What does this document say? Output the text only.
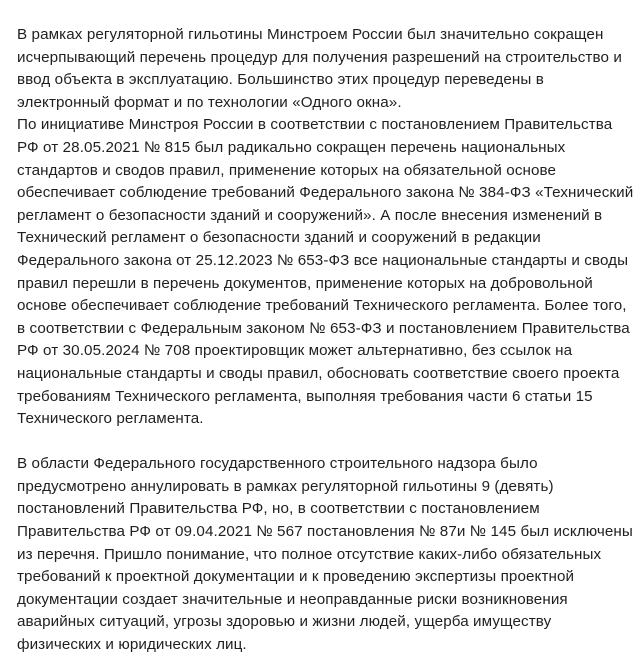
В рамках регуляторной гильотины Минстроем России был значительно сокращен исчерпывающий перечень процедур для получения разрешений на строительство и ввод объекта в эксплуатацию. Большинство этих процедур переведены в электронный формат и по технологии «Одного окна».

По инициативе Минстроя России в соответствии с постановлением Правительства РФ от 28.05.2021 № 815 был радикально сокращен перечень национальных стандартов и сводов правил, применение которых на обязательной основе обеспечивает соблюдение требований Федерального закона № 384-ФЗ «Технический регламент о безопасности зданий и сооружений». А после внесения изменений в Технический регламент о безопасности зданий и сооружений в редакции Федерального закона от 25.12.2023 № 653-ФЗ все национальные стандарты и своды правил перешли в перечень документов, применение которых на добровольной основе обеспечивает соблюдение требований Технического регламента. Более того, в соответствии с Федеральным законом № 653-ФЗ и постановлением Правительства РФ от 30.05.2024 № 708 проектировщик может альтернативно, без ссылок на национальные стандарты и своды правил, обосновать соответствие своего проекта требованиям Технического регламента, выполняя требования части 6 статьи 15 Технического регламента.

В области Федерального государственного строительного надзора было предусмотрено аннулировать в рамках регуляторной гильотины 9 (девять) постановлений Правительства РФ, но, в соответствии с постановлением Правительства РФ от 09.04.2021 № 567 постановления № 87и № 145 был исключены из перечня. Пришло понимание, что полное отсутствие каких-либо обязательных требований к проектной документации и к проведению экспертизы проектной документации создает значительные и неоправданные риски возникновения аварийных ситуаций, угрозы здоровью и жизни людей, ущерба имуществу физических и юридических лиц.
